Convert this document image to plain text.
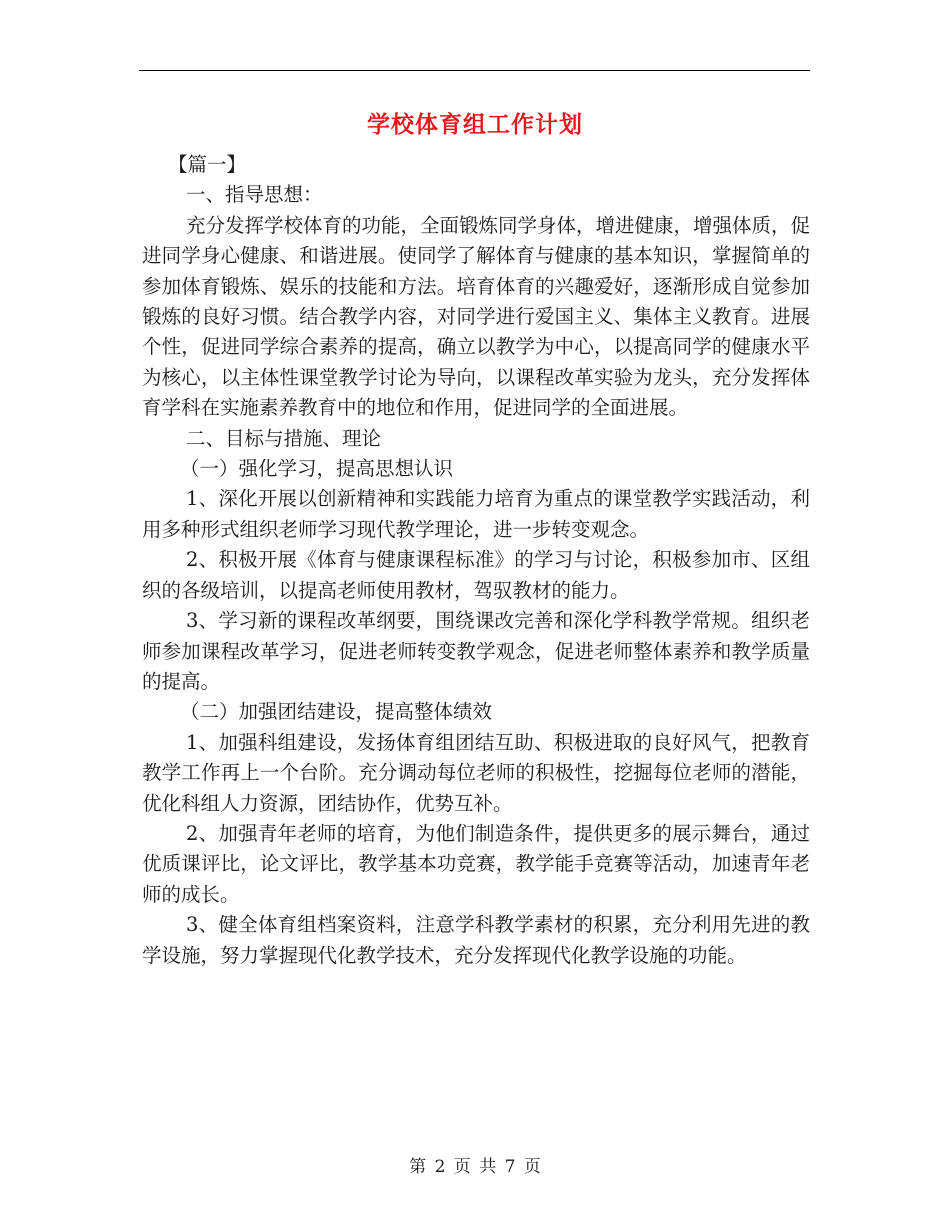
学校体育组工作计划

【篇一】

一、指导思想：

充分发挥学校体育的功能，全面锻炼同学身体，增进健康，增强体质，促进同学身心健康、和谐进展。使同学了解体育与健康的基本知识，掌握简单的参加体育锻炼、娱乐的技能和方法。培育体育的兴趣爱好，逐渐形成自觉参加锻炼的良好习惯。结合教学内容，对同学进行爱国主义、集体主义教育。进展个性，促进同学综合素养的提高，确立以教学为中心，以提高同学的健康水平为核心，以主体性课堂教学讨论为导向，以课程改革实验为龙头，充分发挥体育学科在实施素养教育中的地位和作用，促进同学的全面进展。

二、目标与措施、理论

（一）强化学习，提高思想认识

1、深化开展以创新精神和实践能力培育为重点的课堂教学实践活动，利用多种形式组织老师学习现代教学理论，进一步转变观念。

2、积极开展《体育与健康课程标准》的学习与讨论，积极参加市、区组织的各级培训，以提高老师使用教材，驾驭教材的能力。

3、学习新的课程改革纲要，围绕课改完善和深化学科教学常规。组织老师参加课程改革学习，促进老师转变教学观念，促进老师整体素养和教学质量的提高。

（二）加强团结建设，提高整体绩效

1、加强科组建设，发扬体育组团结互助、积极进取的良好风气，把教育教学工作再上一个台阶。充分调动每位老师的积极性，挖掘每位老师的潜能，优化科组人力资源，团结协作，优势互补。

2、加强青年老师的培育，为他们制造条件，提供更多的展示舞台，通过优质课评比，论文评比，教学基本功竞赛，教学能手竞赛等活动，加速青年老师的成长。

3、健全体育组档案资料，注意学科教学素材的积累，充分利用先进的教学设施，努力掌握现代化教学技术，充分发挥现代化教学设施的功能。

第 2 页 共 7 页
